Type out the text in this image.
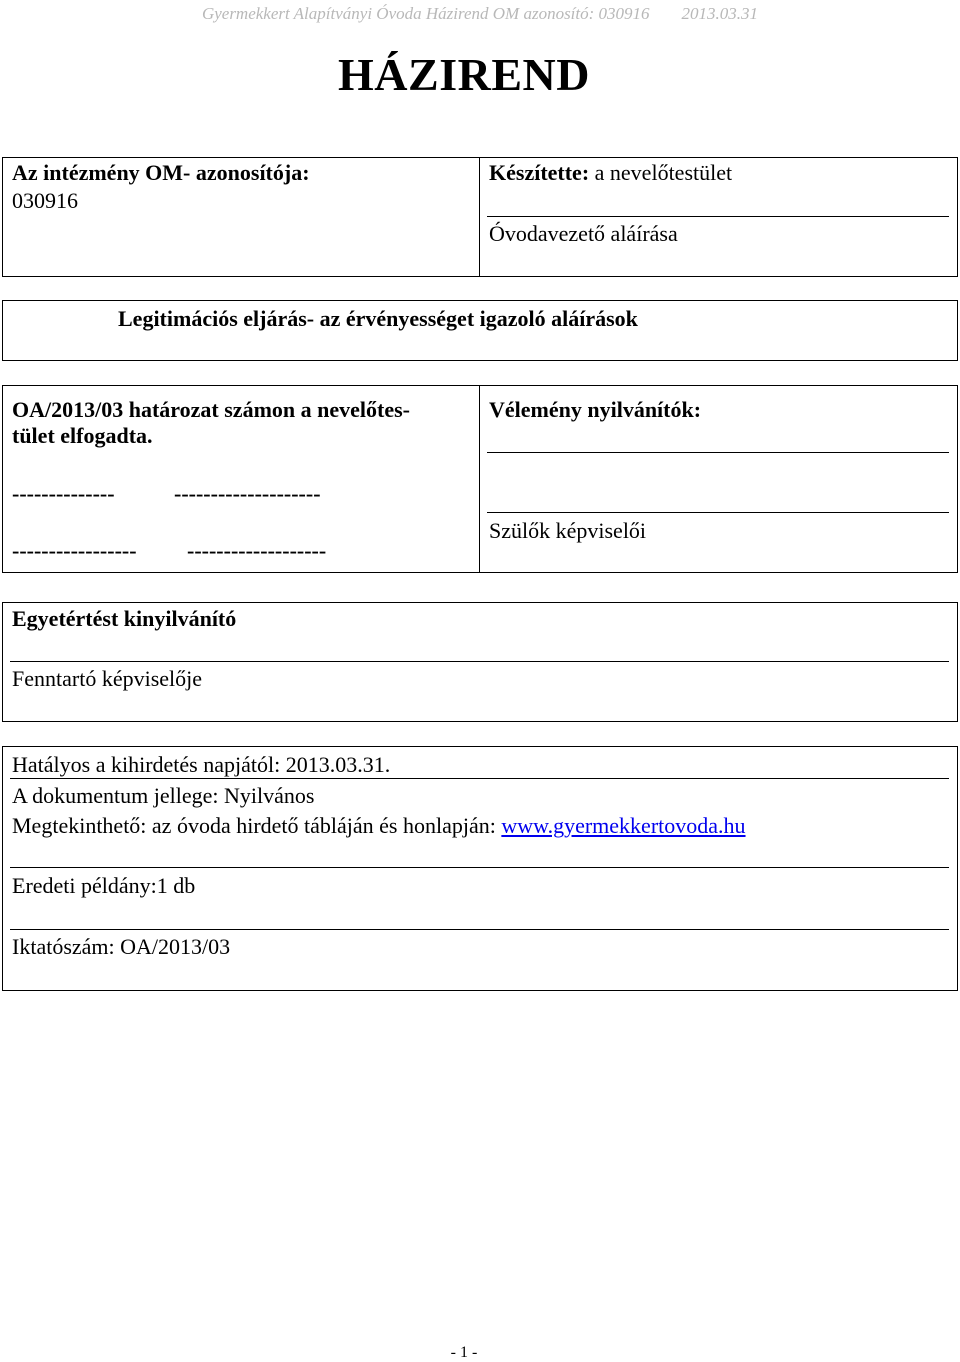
Gyermekkert Alapítványi Óvoda Házirend OM azonosító: 030916 2013.03.31
HÁZIREND
Az intézmény OM- azonosítója:
030916
Készítette: a nevelőtestület
Óvodavezető aláírása
Legitimációs eljárás- az érvényességet igazoló aláírások
OA/2013/03 határozat számon a nevelőtes-
tület elfogadta.
--------------	--------------------
----------------- -------------------
Vélemény nyilvánítók:
Szülők képviselői
Egyetértést kinyilvánító
Fenntartó képviselője
Hatályos a kihirdetés napjától: 2013.03.31.
A dokumentum jellege: Nyilvános
Megtekinthető: az óvoda hirdető tábláján és honlapján: www.gyermekkertovoda.hu
Eredeti példány:1 db
Iktatószám: OA/2013/03
- 1 -
